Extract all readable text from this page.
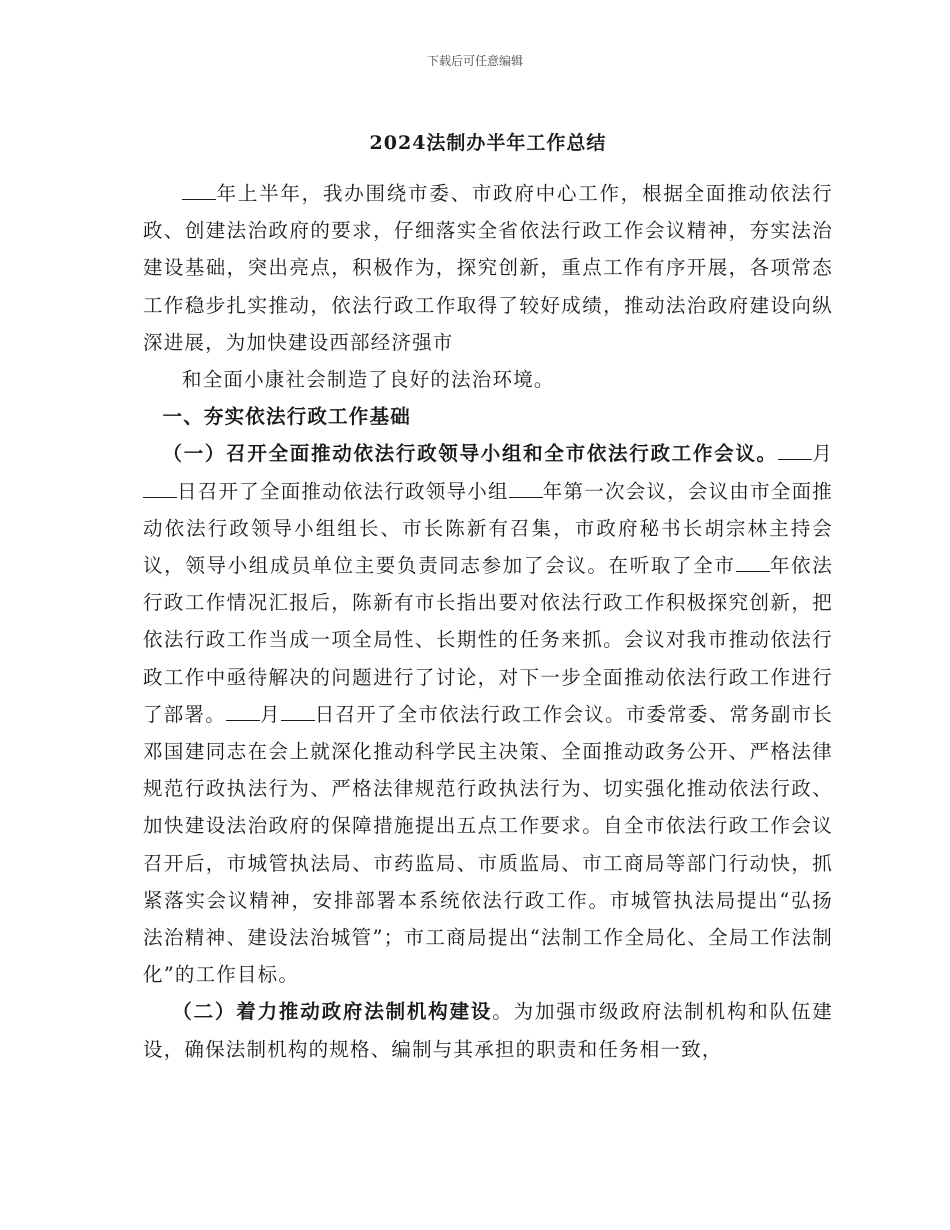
下载后可任意编辑
2024法制办半年工作总结

年上半年，我办围绕市委、市政府中心工作，根据全面推动依法行政、创建法治政府的要求，仔细落实全省依法行政工作会议精神，夯实法治建设基础，突出亮点，积极作为，探究创新，重点工作有序开展，各项常态工作稳步扎实推动，依法行政工作取得了较好成绩，推动法治政府建设向纵深进展，为加快建设西部经济强市

和全面小康社会制造了良好的法治环境。

一、夯实依法行政工作基础

（一）召开全面推动依法行政领导小组和全市依法行政工作会议。 月日召开了全面推动依法行政领导小组 年第一次会议，会议由市全面推动依法行政领导小组组长、市长陈新有召集，市政府秘书长胡宗林主持会议，领导小组成员单位主要负责同志参加了会议。在听取了全市 年依法行政工作情况汇报后，陈新有市长指出要对依法行政工作积极探究创新，把依法行政工作当成一项全局性、长期性的任务来抓。会议对我市推动依法行政工作中亟待解决的问题进行了讨论，对下一步全面推动依法行政工作进行了部署。 月 日召开了全市依法行政工作会议。市委常委、常务副市长邓国建同志在会上就深化推动科学民主决策、全面推动政务公开、严格法律规范行政执法行为、严格法律规范行政执法行为、切实强化推动依法行政、加快建设法治政府的保障措施提出五点工作要求。自全市依法行政工作会议召开后，市城管执法局、市药监局、市质监局、市工商局等部门行动快，抓紧落实会议精神，安排部署本系统依法行政工作。市城管执法局提出“弘扬法治精神、建设法治城管”；市工商局提出“法制工作全局化、全局工作法制化”的工作目标。

（二）着力推动政府法制机构建设。为加强市级政府法制机构和队伍建设，确保法制机构的规格、编制与其承担的职责和任务相一致，
